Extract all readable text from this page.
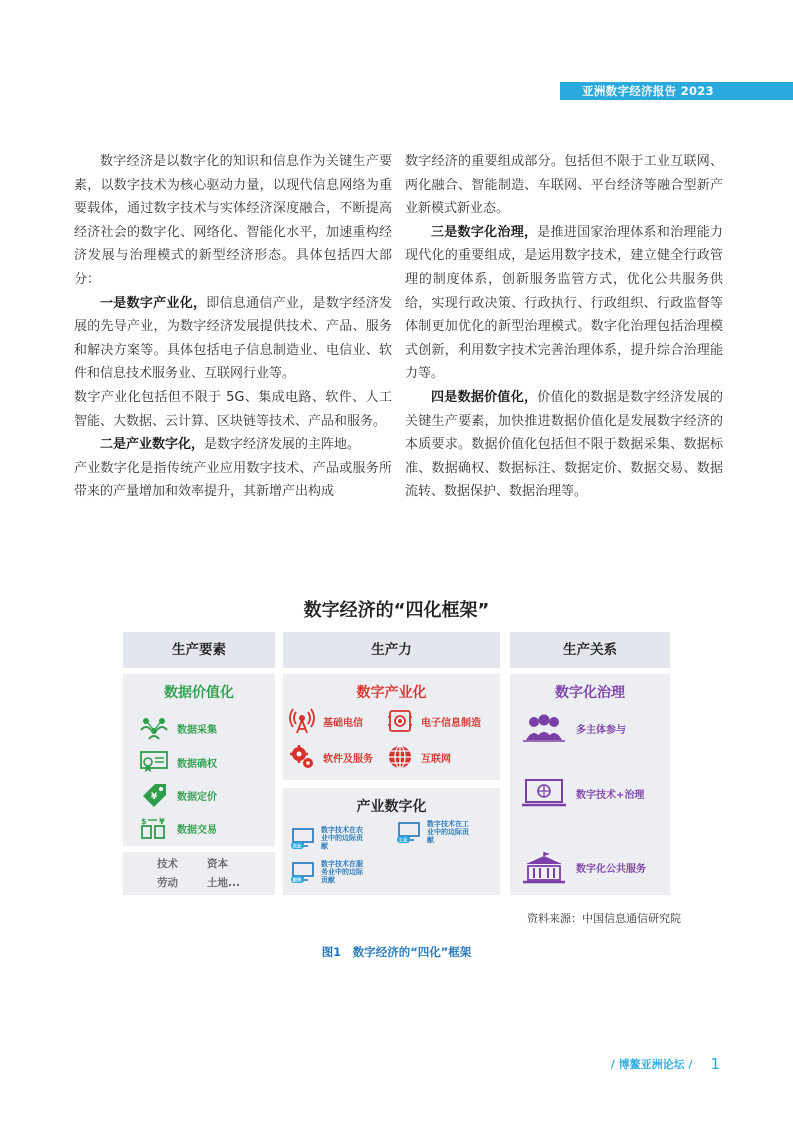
亚洲数字经济报告 2023

数字经济是以数字化的知识和信息作为关键生产要素，以数字技术为核心驱动力量，以现代信息网络为重要载体，通过数字技术与实体经济深度融合，不断提高经济社会的数字化、网络化、智能化水平，加速重构经济发展与治理模式的新型经济形态。具体包括四大部分：

一是数字产业化，即信息通信产业，是数字经济发展的先导产业，为数字经济发展提供技术、产品、服务和解决方案等。具体包括电子信息制造业、电信业、软件和信息技术服务业、互联网行业等。

数字产业化包括但不限于 5G、集成电路、软件、人工智能、大数据、云计算、区块链等技术、产品和服务。

二是产业数字化，是数字经济发展的主阵地。

产业数字化是指传统产业应用数字技术、产品或服务所带来的产量增加和效率提升，其新增产出构成

数字经济的重要组成部分。包括但不限于工业互联网、两化融合、智能制造、车联网、平台经济等融合型新产业新模式新业态。

三是数字化治理，是推进国家治理体系和治理能力现代化的重要组成，是运用数字技术，建立健全行政管理的制度体系，创新服务监管方式，优化公共服务供给，实现行政决策、行政执行、行政组织、行政监督等体制更加优化的新型治理模式。数字化治理包括治理模式创新，利用数字技术完善治理体系，提升综合治理能力等。

四是数据价值化，价值化的数据是数字经济发展的关键生产要素，加快推进数据价值化是发展数字经济的本质要求。数据价值化包括但不限于数据采集、数据标准、数据确权、数据标注、数据定价、数据交易、数据流转、数据保护、数据治理等。

数字经济的“四化框架”
生产要素	生产力	生产关系
数据价值化
数据采集
数据确权
¥ 数据定价
$ ¥
数据交易
技术	资本
劳动	土地...
数字产业化
基础电信	电子信息制造
软件及服务	互联网
产业数字化
农业
数字技术在农业中的边际贡献
工业
数字技术在工业中的边际贡献
服务
数字技术在服务业中的边际贡献
数字化治理
多主体参与
数字技术+治理
数字化公共服务
资料来源：中国信息通信研究院
图1　数字经济的“四化”框架
/ 博鳌亚洲论坛 / 1
